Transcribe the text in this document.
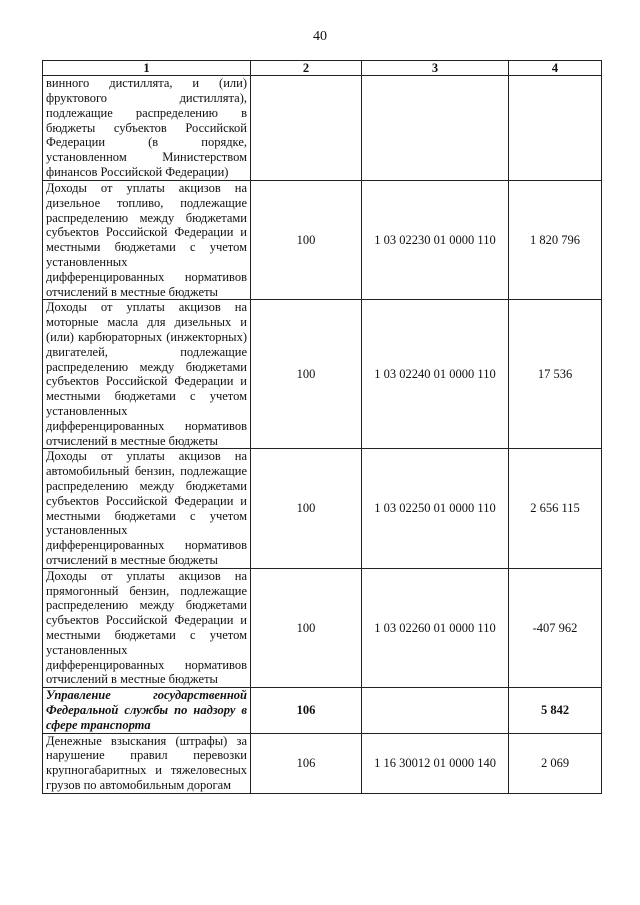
40
1	2	3	4
винного дистиллята, и (или) фруктового дистиллята), подлежащие распределению в бюджеты субъектов Российской Федерации (в порядке, установленном Министерством финансов Российской Федерации)			
Доходы от уплаты акцизов на дизельное топливо, подлежащие распределению между бюджетами субъектов Российской Федерации и местными бюджетами с учетом установленных дифференцированных нормативов отчислений в местные бюджеты	100	1 03 02230 01 0000 110	1 820 796
Доходы от уплаты акцизов на моторные масла для дизельных и (или) карбюраторных (инжекторных) двигателей, подлежащие распределению между бюджетами субъектов Российской Федерации и местными бюджетами с учетом установленных дифференцированных нормативов отчислений в местные бюджеты	100	1 03 02240 01 0000 110	17 536
Доходы от уплаты акцизов на автомобильный бензин, подлежащие распределению между бюджетами субъектов Российской Федерации и местными бюджетами с учетом установленных дифференцированных нормативов отчислений в местные бюджеты	100	1 03 02250 01 0000 110	2 656 115
Доходы от уплаты акцизов на прямогонный бензин, подлежащие распределению между бюджетами субъектов Российской Федерации и местными бюджетами с учетом установленных дифференцированных нормативов отчислений в местные бюджеты	100	1 03 02260 01 0000 110	-407 962
Управление государственной Федеральной службы по надзору в сфере транспорта	106		5 842
Денежные взыскания (штрафы) за нарушение правил перевозки крупногабаритных и тяжеловесных грузов по автомобильным дорогам	106	1 16 30012 01 0000 140	2 069
